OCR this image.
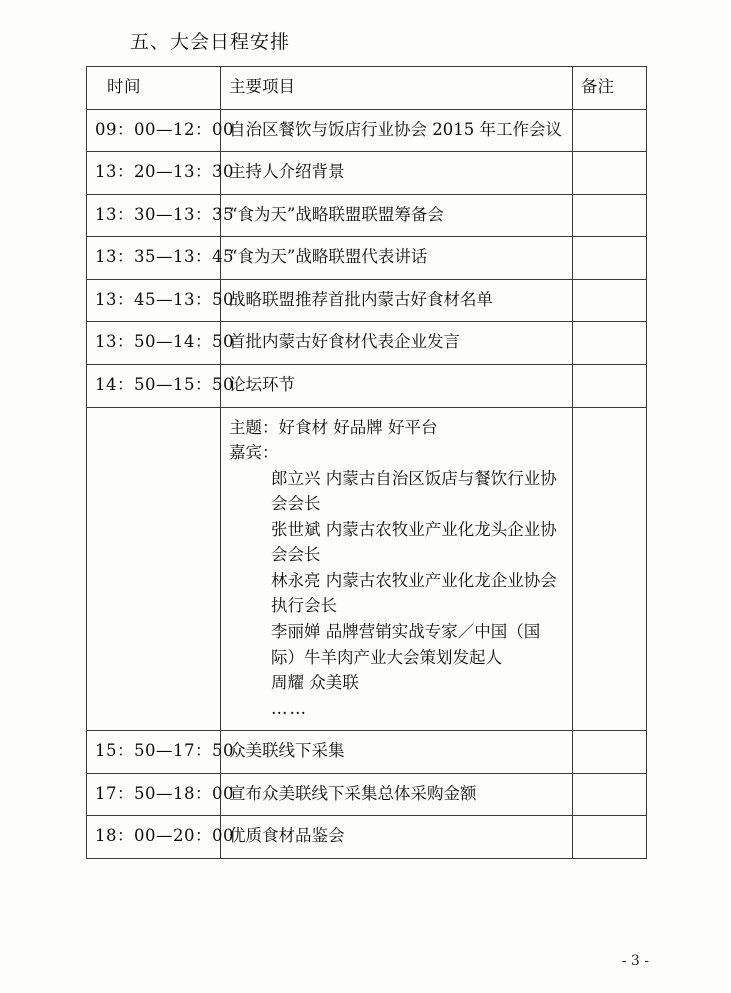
五、大会日程安排
时间	主要项目	备注
09：00—12：00	自治区餐饮与饭店行业协会 2015 年工作会议	
13：20—13：30	主持人介绍背景	
13：30—13：35	“食为天”战略联盟联盟筹备会	
13：35—13：45	“食为天”战略联盟代表讲话	
13：45—13：50	战略联盟推荐首批内蒙古好食材名单	
13：50—14：50	首批内蒙古好食材代表企业发言	
14：50—15：50	论坛环节	

主题：好食材 好品牌 好平台
嘉宾：
郎立兴 内蒙古自治区饭店与餐饮行业协会会长
张世斌 内蒙古农牧业产业化龙头企业协会会长
林永亮 内蒙古农牧业产业化龙企业协会执行会长
李丽婵 品牌营销实战专家／中国（国际）牛羊肉产业大会策划发起人
周耀 众美联
……

15：50—17：50	众美联线下采集	
17：50—18：00	宣布众美联线下采集总体采购金额	
18：00—20：00	优质食材品鉴会	
- 3 -
